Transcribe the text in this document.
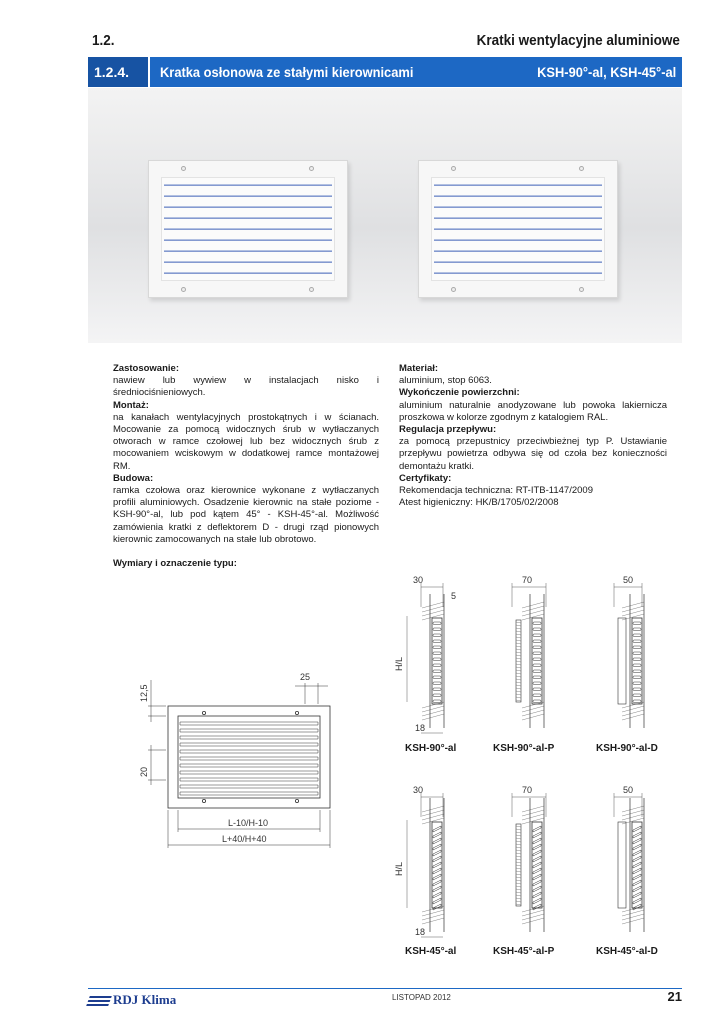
1.2.	Kratki wentylacyjne aluminiowe
1.2.4.	Kratka osłonowa ze stałymi kierownicami	KSH-90°-al, KSH-45°-al
Zastosowanie:

nawiew lub wywiew w instalacjach nisko i średniociśnieniowych.

Montaż:

na kanałach wentylacyjnych prostokątnych i w ścianach. Mocowanie za pomocą widocznych śrub w wytłaczanych otworach w ramce czołowej lub bez widocznych śrub z mocowaniem wciskowym w dodatkowej ramce montażowej RM.

Budowa:

ramka czołowa oraz kierownice wykonane z wytłaczanych profili aluminiowych. Osadzenie kierownic na stałe poziome - KSH-90°-al, lub pod kątem 45° - KSH-45°-al. Możliwość zamówienia kratki z deflektorem D - drugi rząd pionowych kierownic zamocowanych na stałe lub obrotowo.

Materiał:

aluminium, stop 6063.

Wykończenie powierzchni:

aluminium naturalnie anodyzowane lub powoka lakiernicza proszkowa w kolorze zgodnym z katalogiem RAL.

Regulacja przepływu:

za pomocą przepustnicy przeciwbieżnej typ P. Ustawianie przepływu powietrza odbywa się od czoła bez konieczności demontażu kratki.

Certyfikaty:

Rekomendacja techniczna: RT-ITB-1147/2009

Atest higieniczny: HK/B/1705/02/2008

Wymiary i oznaczenie typu:
25
12,5
20
L-10/H-10
L+40/H+40
30
5
70	50
18
H/L
30	70	50
18
H/L
KSH-90°-al	KSH-90°-al-P	KSH-90°-al-D
KSH-45°-al	KSH-45°-al-P	KSH-45°-al-D
RDJ Klima	LISTOPAD 2012	21
